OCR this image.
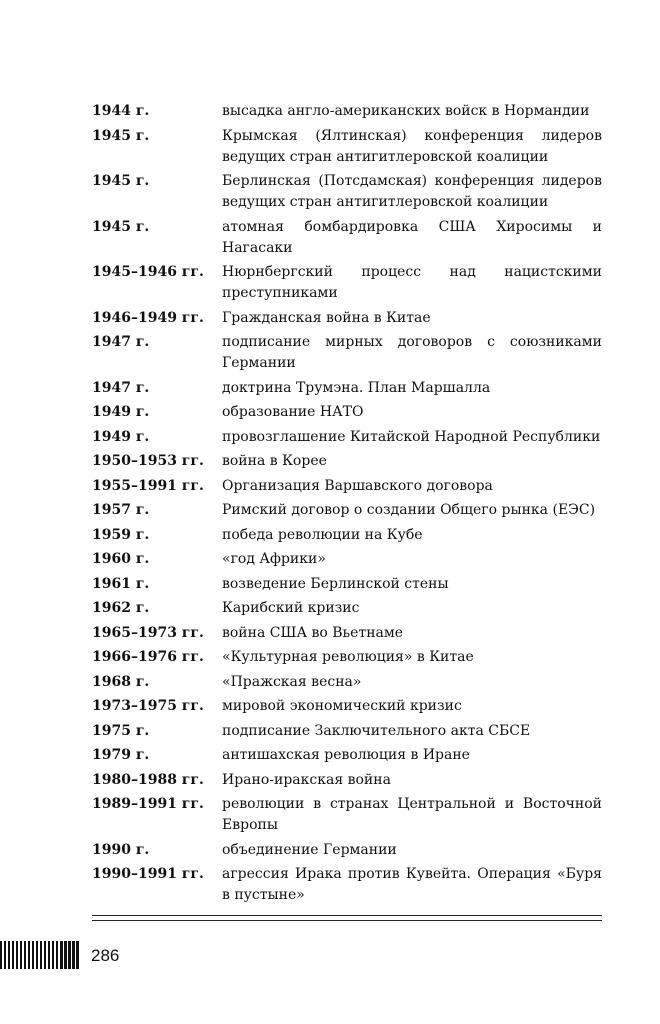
1944 г.	высадка англо-американских войск в Нормандии
1945 г.	Крымская (Ялтинская) конференция лидеров ведущих стран антигитлеровской коалиции
1945 г.	Берлинская (Потсдамская) конференция лидеров ведущих стран антигитлеровской коалиции
1945 г.	атомная бомбардировка США Хиросимы и Нагасаки
1945–1946 гг.	Нюрнбергский процесс над нацистскими преступниками
1946–1949 гг.	Гражданская война в Китае
1947 г.	подписание мирных договоров с союзниками Германии
1947 г.	доктрина Трумэна. План Маршалла
1949 г.	образование НАТО
1949 г.	провозглашение Китайской Народной Республики
1950–1953 гг.	война в Корее
1955–1991 гг.	Организация Варшавского договора
1957 г.	Римский договор о создании Общего рынка (ЕЭС)
1959 г.	победа революции на Кубе
1960 г.	«год Африки»
1961 г.	возведение Берлинской стены
1962 г.	Карибский кризис
1965–1973 гг.	война США во Вьетнаме
1966–1976 гг.	«Культурная революция» в Китае
1968 г.	«Пражская весна»
1973–1975 гг.	мировой экономический кризис
1975 г.	подписание Заключительного акта СБСЕ
1979 г.	антишахская революция в Иране
1980–1988 гг.	Ирано-иракская война
1989–1991 гг.	революции в странах Центральной и Восточной Европы
1990 г.	объединение Германии
1990–1991 гг.	агрессия Ирака против Кувейта. Операция «Буря в пустыне»
286
